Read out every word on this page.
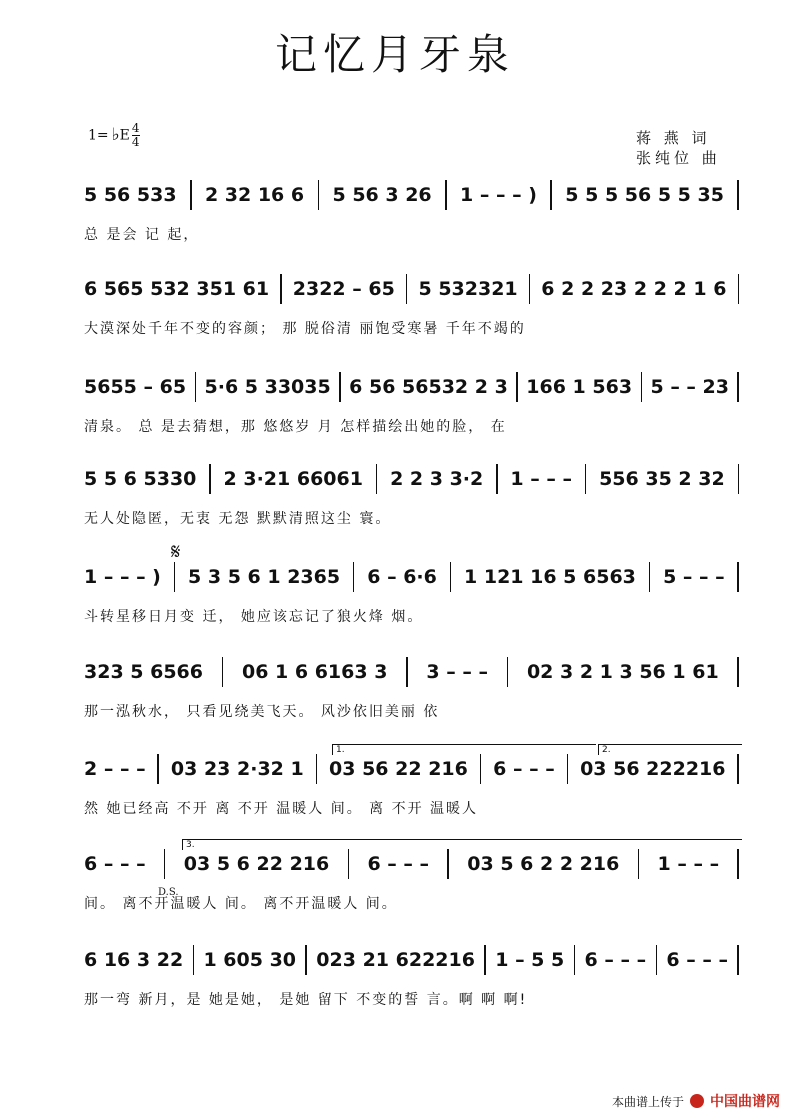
记忆月牙泉
1= ♭E $\frac{4}{4}$	蒋 燕 词
张纯位 曲
5 56 533 2 32 16 6 5 56 3 26 1 – – – ) 5 5 5 56 5 5 35
总 是会 记 起，
6 565 532 351 61 2322 – 65 5 532321 6 2 2 23 2 2 2 1 6
大漠深处千年不变的容颜； 那 脱俗清 丽饱受寒暑 千年不竭的
5655 – 65 5·6 5 33035 6 56 56532 2 3 166 1 563 5 – – 23
清泉。 总 是去猜想，那 悠悠岁 月 怎样描绘出她的脸， 在
5 5 6 5330 2 3·21 66061 2 2 3 3·2 1 – – – 556 35 2 32
无人处隐匿，无衷 无怨 默默清照这尘 寰。
1 – – – ) 5 3 5 6 1 2365 6 – 6·6 1 121 16 5 6563 5 – – –
斗转星移日月变 迁， 她应该忘记了狼火烽 烟。
𝄋
323 5 6566 06 1 6 6163 3 3 – – – 02 3 2 1 3 56 1 61
那一泓秋水， 只看见绕美飞天。 风沙依旧美丽 依
2 – – – 03 23 2·32 1 03 56 22 216 6 – – – 03 56 222216
然 她已经高 不开 离 不开 温暖人 间。 离 不开 温暖人
1.	2.
6 – – – 03 5 6 22 216 6 – – – 03 5 6 2 2 216 1 – – –
间。 离不开温暖人 间。 离不开温暖人 间。
3.
D.S.
6 16 3 22 1 605 30 023 21 622216 1 – 5 5 6 – – – 6 – – –
那一弯 新月，是 她是她， 是她 留下 不变的誓 言。啊 啊 啊!
本曲谱上传于 中国曲谱网
